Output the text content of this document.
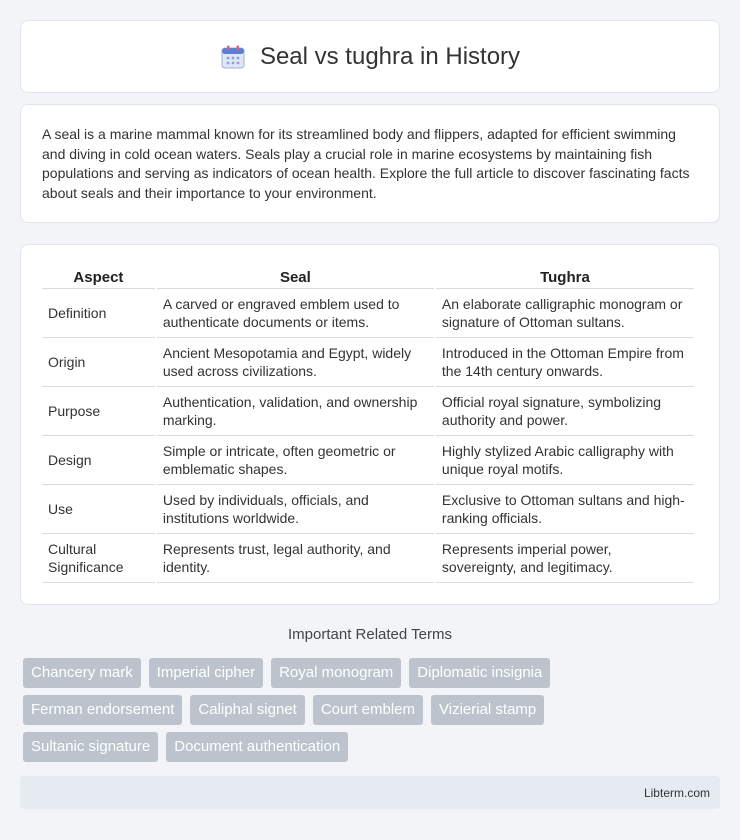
Seal vs tughra in History

A seal is a marine mammal known for its streamlined body and flippers, adapted for efficient swimming and diving in cold ocean waters. Seals play a crucial role in marine ecosystems by maintaining fish populations and serving as indicators of ocean health. Explore the full article to discover fascinating facts about seals and their importance to your environment.

Aspect	Seal	Tughra
Definition	A carved or engraved emblem used to authenticate documents or items.	An elaborate calligraphic monogram or signature of Ottoman sultans.
Origin	Ancient Mesopotamia and Egypt, widely used across civilizations.	Introduced in the Ottoman Empire from the 14th century onwards.
Purpose	Authentication, validation, and ownership marking.	Official royal signature, symbolizing authority and power.
Design	Simple or intricate, often geometric or emblematic shapes.	Highly stylized Arabic calligraphy with unique royal motifs.
Use	Used by individuals, officials, and institutions worldwide.	Exclusive to Ottoman sultans and high-ranking officials.
Cultural Significance	Represents trust, legal authority, and identity.	Represents imperial power, sovereignty, and legitimacy.
Important Related Terms
Chancery mark	Imperial cipher	Royal monogram	Diplomatic insignia
Ferman endorsement	Caliphal signet	Court emblem	Vizierial stamp
Sultanic signature	Document authentication
Libterm.com
